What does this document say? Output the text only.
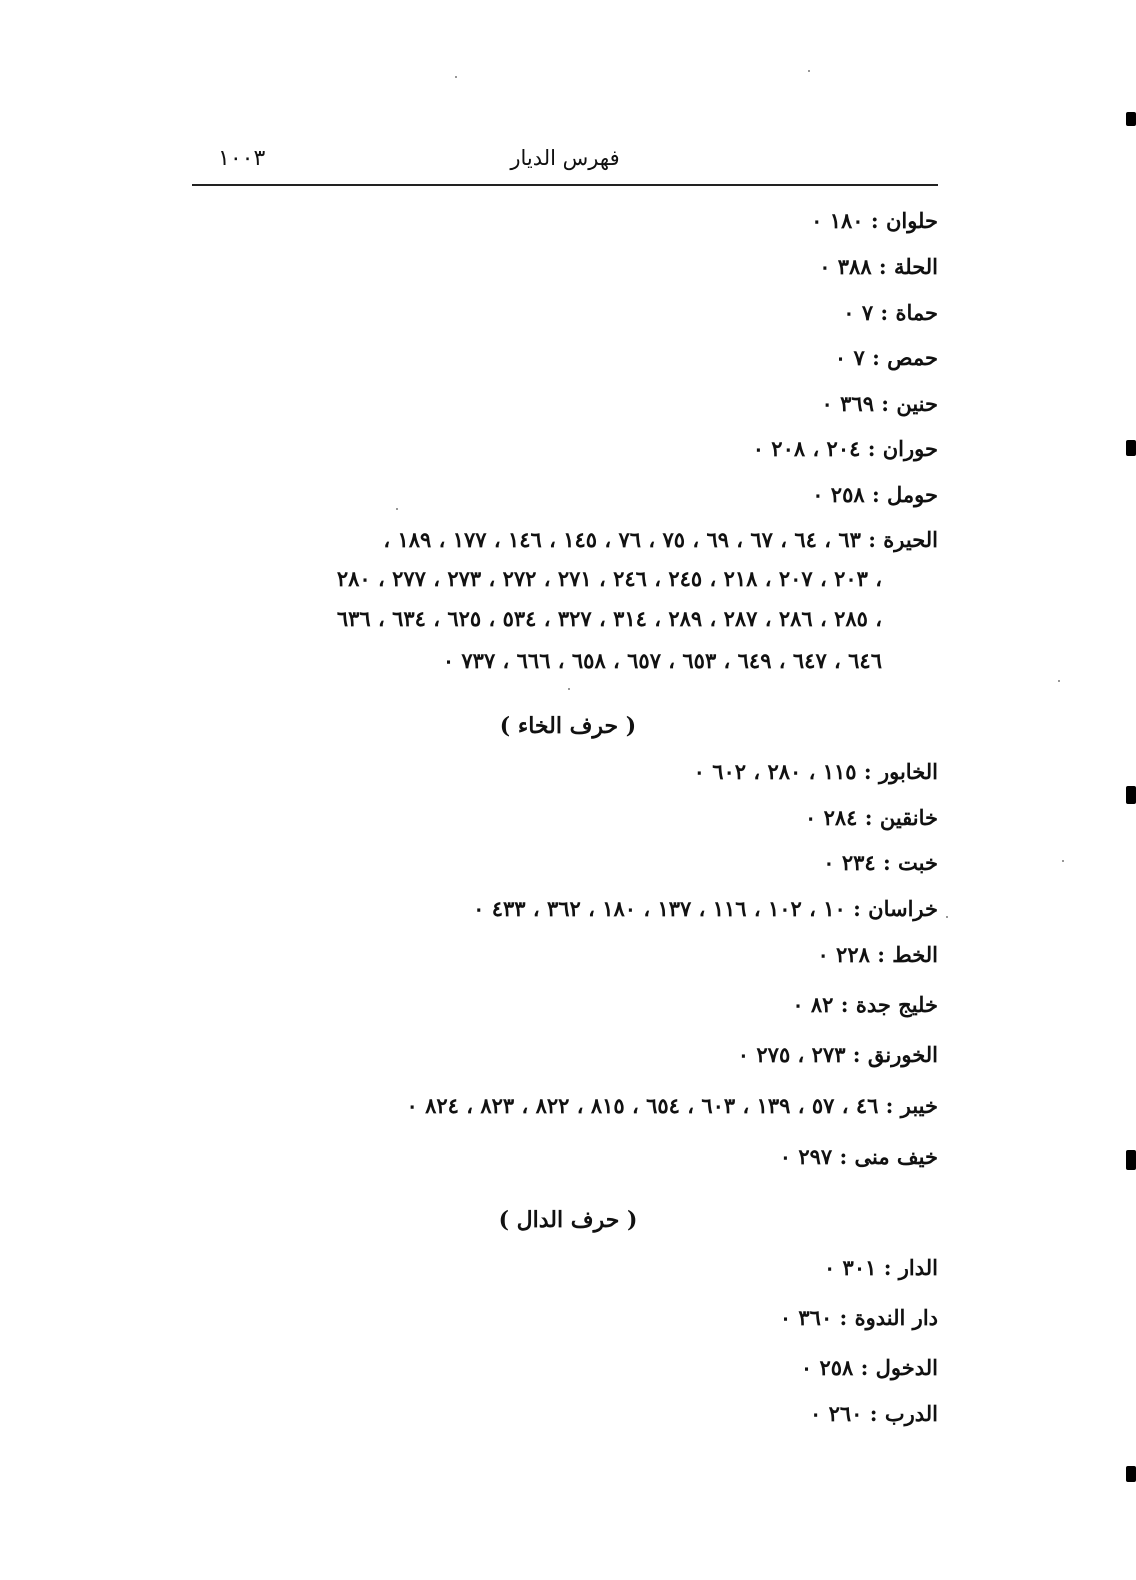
١٠٠٣	فهرس الديار
حلوان : ١٨٠ ٠
الحلة : ٣٨٨ ٠
حماة : ٧ ٠
حمص : ٧ ٠
حنين : ٣٦٩ ٠
حوران : ٢٠٤ ، ٢٠٨ ٠
حومل : ٢٥٨ ٠
الحيرة : ٦٣ ، ٦٤ ، ٦٧ ، ٦٩ ، ٧٥ ، ٧٦ ، ١٤٥ ، ١٤٦ ، ١٧٧ ، ١٨٩ ،
٢٠٣ ، ٢٠٧ ، ٢١٨ ، ٢٤٥ ، ٢٤٦ ، ٢٧١ ، ٢٧٢ ، ٢٧٣ ، ٢٧٧ ، ٢٨٠ ،
٢٨٥ ، ٢٨٦ ، ٢٨٧ ، ٢٨٩ ، ٣١٤ ، ٣٢٧ ، ٥٣٤ ، ٦٢٥ ، ٦٣٤ ، ٦٣٦ ،
٦٤٦ ، ٦٤٧ ، ٦٤٩ ، ٦٥٣ ، ٦٥٧ ، ٦٥٨ ، ٦٦٦ ، ٧٣٧ ٠
( حرف الخاء )
الخابور : ١١٥ ، ٢٨٠ ، ٦٠٢ ٠
خانقين : ٢٨٤ ٠
خبت : ٢٣٤ ٠
خراسان : ١٠ ، ١٠٢ ، ١١٦ ، ١٣٧ ، ١٨٠ ، ٣٦٢ ، ٤٣٣ ٠
الخط : ٢٢٨ ٠
خليج جدة : ٨٢ ٠
الخورنق : ٢٧٣ ، ٢٧٥ ٠
خيبر : ٤٦ ، ٥٧ ، ١٣٩ ، ٦٠٣ ، ٦٥٤ ، ٨١٥ ، ٨٢٢ ، ٨٢٣ ، ٨٢٤ ٠
خيف منى : ٢٩٧ ٠
( حرف الدال )
الدار : ٣٠١ ٠
دار الندوة : ٣٦٠ ٠
الدخول : ٢٥٨ ٠
الدرب : ٢٦٠ ٠
